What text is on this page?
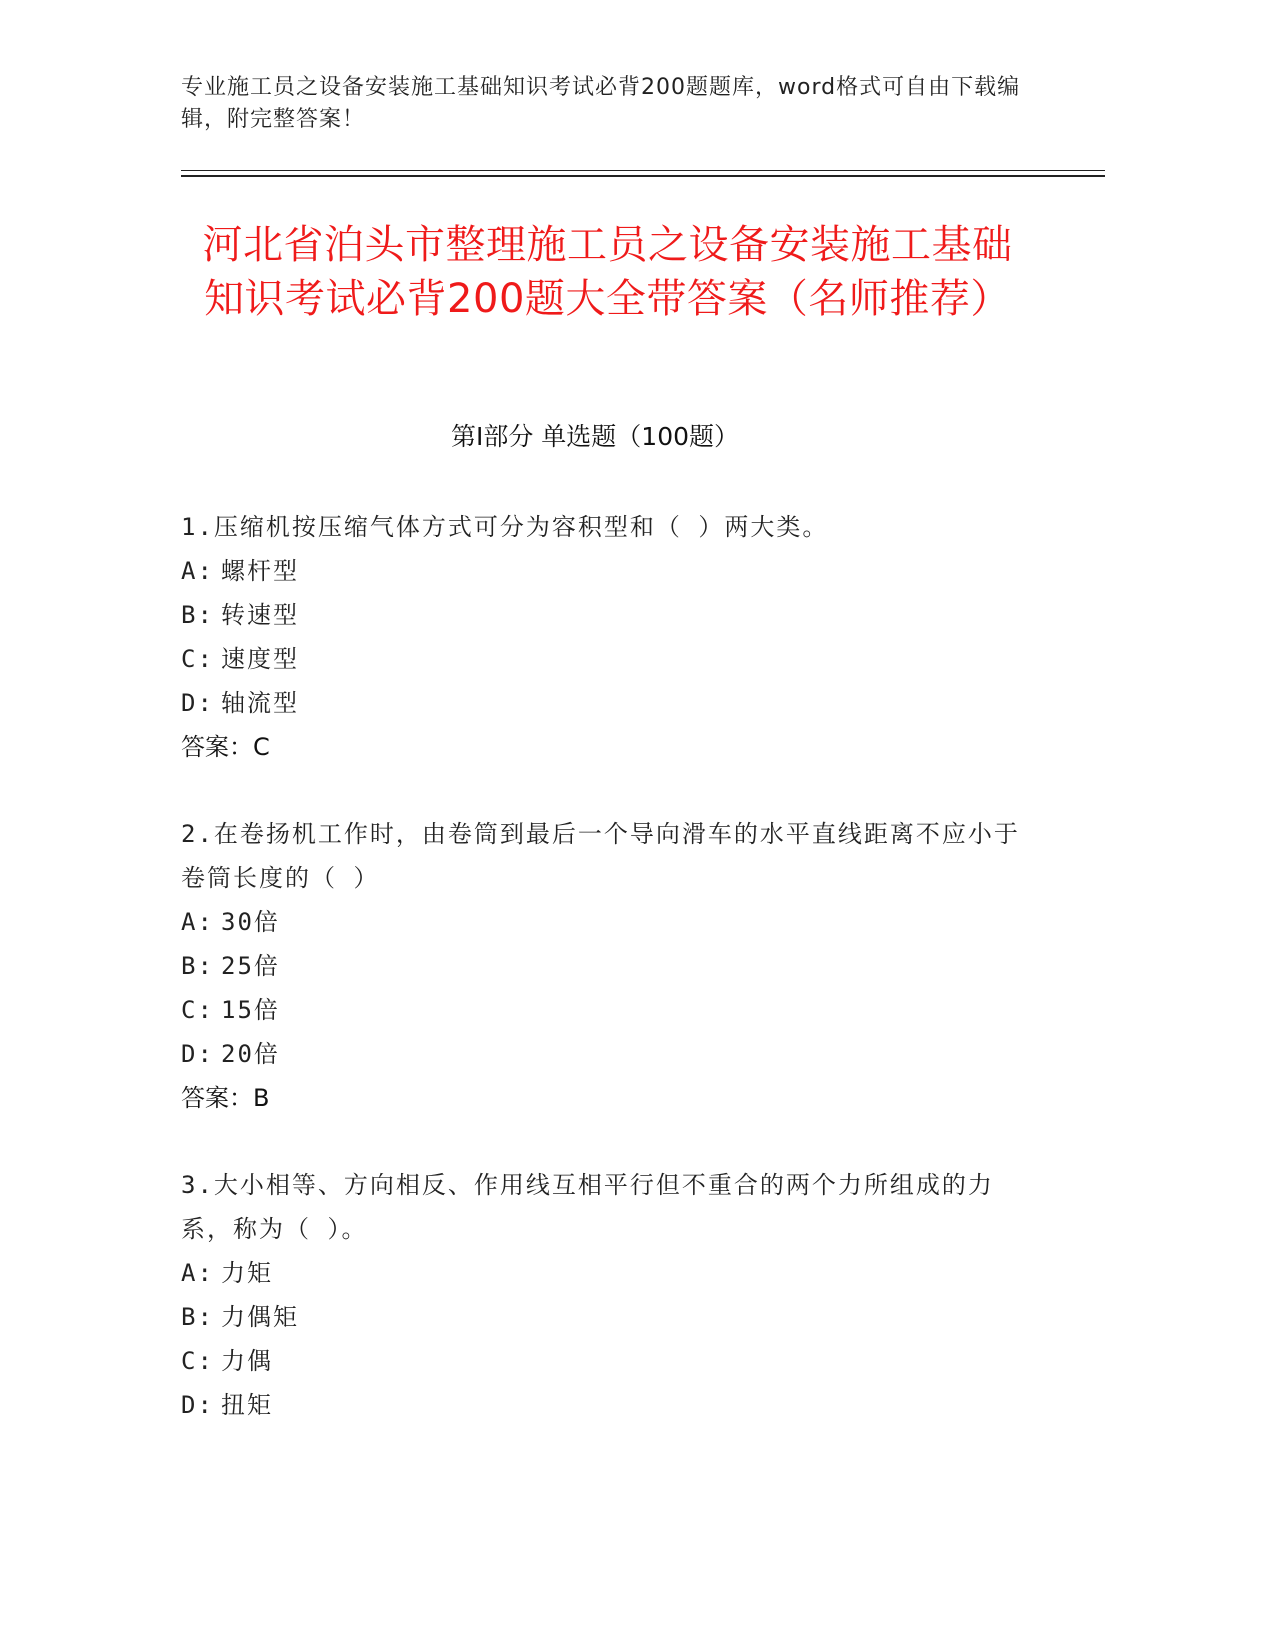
专业施工员之设备安装施工基础知识考试必背200题题库，word格式可自由下载编辑，附完整答案！
河北省泊头市整理施工员之设备安装施工基础知识考试必背200题大全带答案（名师推荐）
第I部分 单选题（100题）
1.压缩机按压缩气体方式可分为容积型和（ ）两大类。
A: 螺杆型
B: 转速型
C: 速度型
D: 轴流型
答案：C
2.在卷扬机工作时，由卷筒到最后一个导向滑车的水平直线距离不应小于卷筒长度的（ ）
A: 30倍
B: 25倍
C: 15倍
D: 20倍
答案：B
3.大小相等、方向相反、作用线互相平行但不重合的两个力所组成的力系，称为（ ）。
A: 力矩
B: 力偶矩
C: 力偶
D: 扭矩
